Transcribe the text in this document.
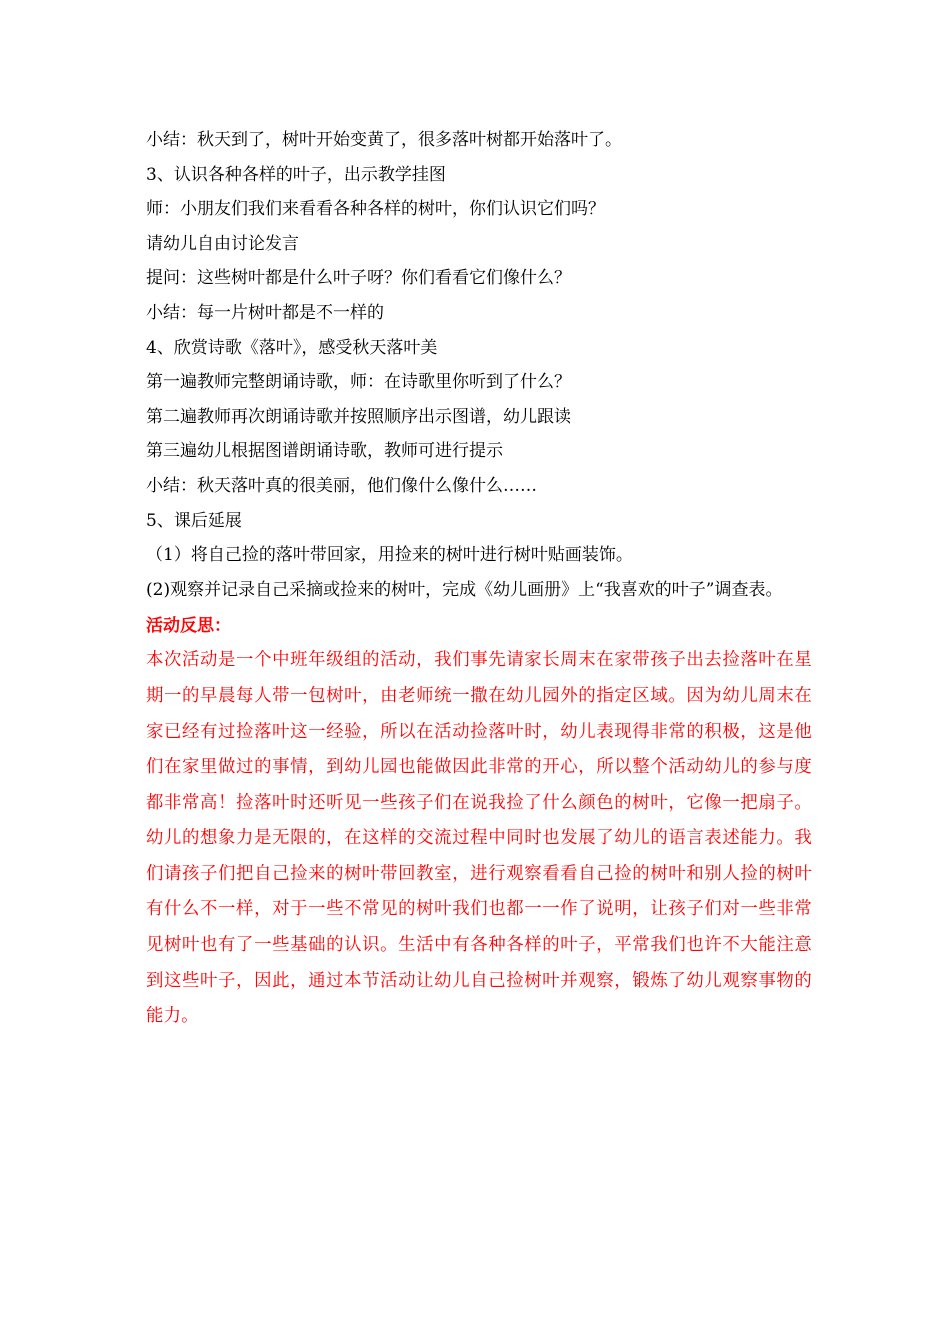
小结：秋天到了，树叶开始变黄了，很多落叶树都开始落叶了。

3、认识各种各样的叶子，出示教学挂图

师：小朋友们我们来看看各种各样的树叶，你们认识它们吗？

请幼儿自由讨论发言

提问：这些树叶都是什么叶子呀？你们看看它们像什么？

小结：每一片树叶都是不一样的

4、欣赏诗歌《落叶》，感受秋天落叶美

第一遍教师完整朗诵诗歌，师：在诗歌里你听到了什么？

第二遍教师再次朗诵诗歌并按照顺序出示图谱，幼儿跟读

第三遍幼儿根据图谱朗诵诗歌，教师可进行提示

小结：秋天落叶真的很美丽，他们像什么像什么……

5、课后延展

（1）将自己捡的落叶带回家，用捡来的树叶进行树叶贴画装饰。

(2)观察并记录自己采摘或捡来的树叶，完成《幼儿画册》上“我喜欢的叶子”调查表。

活动反思：

本次活动是一个中班年级组的活动，我们事先请家长周末在家带孩子出去捡落叶在星期一的早晨每人带一包树叶，由老师统一撒在幼儿园外的指定区域。因为幼儿周末在家已经有过捡落叶这一经验，所以在活动捡落叶时，幼儿表现得非常的积极，这是他们在家里做过的事情，到幼儿园也能做因此非常的开心，所以整个活动幼儿的参与度都非常高！捡落叶时还听见一些孩子们在说我捡了什么颜色的树叶，它像一把扇子。幼儿的想象力是无限的，在这样的交流过程中同时也发展了幼儿的语言表述能力。我们请孩子们把自己捡来的树叶带回教室，进行观察看看自己捡的树叶和别人捡的树叶有什么不一样，对于一些不常见的树叶我们也都一一作了说明，让孩子们对一些非常见树叶也有了一些基础的认识。生活中有各种各样的叶子，平常我们也许不大能注意到这些叶子，因此，通过本节活动让幼儿自己捡树叶并观察，锻炼了幼儿观察事物的能力。
